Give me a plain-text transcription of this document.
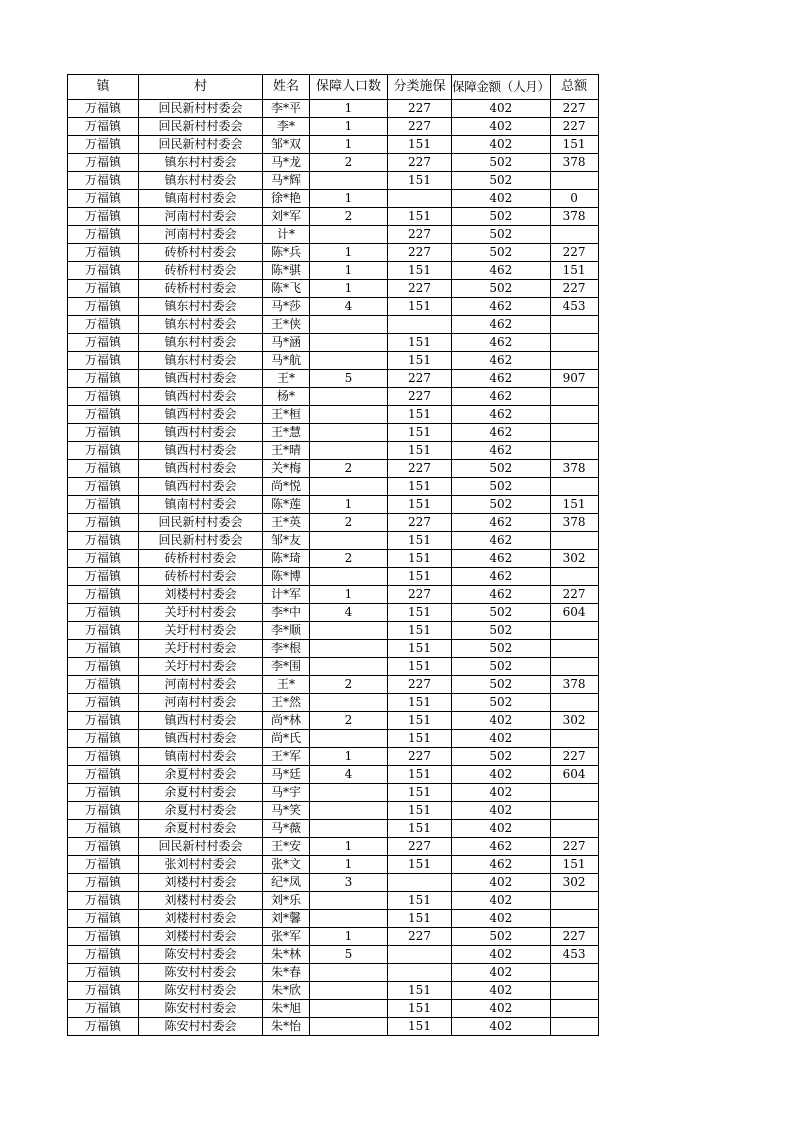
镇	村	姓名	保障人口数	分类施保	保障金额（人月）	总额
万福镇	回民新村村委会	李*平	1	227	402	227
万福镇	回民新村村委会	李*	1	227	402	227
万福镇	回民新村村委会	邹*双	1	151	402	151
万福镇	镇东村村委会	马*龙	2	227	502	378
万福镇	镇东村村委会	马*辉		151	502	
万福镇	镇南村村委会	徐*艳	1		402	0
万福镇	河南村村委会	刘*军	2	151	502	378
万福镇	河南村村委会	计*		227	502	
万福镇	砖桥村村委会	陈*兵	1	227	502	227
万福镇	砖桥村村委会	陈*骐	1	151	462	151
万福镇	砖桥村村委会	陈*飞	1	227	502	227
万福镇	镇东村村委会	马*莎	4	151	462	453
万福镇	镇东村村委会	王*侠			462	
万福镇	镇东村村委会	马*涵		151	462	
万福镇	镇东村村委会	马*航		151	462	
万福镇	镇西村村委会	王*	5	227	462	907
万福镇	镇西村村委会	杨*		227	462	
万福镇	镇西村村委会	王*桓		151	462	
万福镇	镇西村村委会	王*慧		151	462	
万福镇	镇西村村委会	王*晴		151	462	
万福镇	镇西村村委会	关*梅	2	227	502	378
万福镇	镇西村村委会	尚*悦		151	502	
万福镇	镇南村村委会	陈*莲	1	151	502	151
万福镇	回民新村村委会	王*英	2	227	462	378
万福镇	回民新村村委会	邹*友		151	462	
万福镇	砖桥村村委会	陈*琦	2	151	462	302
万福镇	砖桥村村委会	陈*博		151	462	
万福镇	刘楼村村委会	计*军	1	227	462	227
万福镇	关圩村村委会	李*中	4	151	502	604
万福镇	关圩村村委会	李*顺		151	502	
万福镇	关圩村村委会	李*根		151	502	
万福镇	关圩村村委会	李*围		151	502	
万福镇	河南村村委会	王*	2	227	502	378
万福镇	河南村村委会	王*然		151	502	
万福镇	镇西村村委会	尚*林	2	151	402	302
万福镇	镇西村村委会	尚*氏		151	402	
万福镇	镇南村村委会	王*军	1	227	502	227
万福镇	余夏村村委会	马*廷	4	151	402	604
万福镇	余夏村村委会	马*宇		151	402	
万福镇	余夏村村委会	马*笑		151	402	
万福镇	余夏村村委会	马*薇		151	402	
万福镇	回民新村村委会	王*安	1	227	462	227
万福镇	张刘村村委会	张*文	1	151	462	151
万福镇	刘楼村村委会	纪*凤	3		402	302
万福镇	刘楼村村委会	刘*乐		151	402	
万福镇	刘楼村村委会	刘*馨		151	402	
万福镇	刘楼村村委会	张*军	1	227	502	227
万福镇	陈安村村委会	朱*林	5		402	453
万福镇	陈安村村委会	朱*春			402	
万福镇	陈安村村委会	朱*欣		151	402	
万福镇	陈安村村委会	朱*旭		151	402	
万福镇	陈安村村委会	朱*怡		151	402	
